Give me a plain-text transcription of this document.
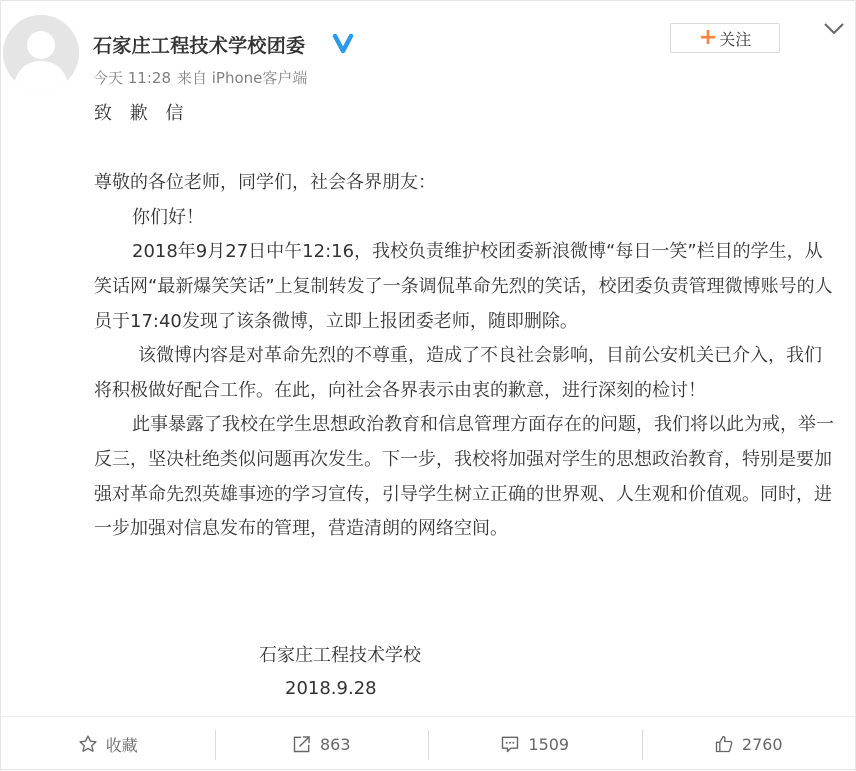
石家庄工程技术学校团委
今天 11:28 来自 iPhone客户端
+ 关注

致 歉 信

尊敬的各位老师，同学们，社会各界朋友：

你们好！

2018年9月27日中午12:16，我校负责维护校团委新浪微博“每日一笑”栏目的学生，从笑话网“最新爆笑笑话”上复制转发了一条调侃革命先烈的笑话，校团委负责管理微博账号的人员于17:40发现了该条微博，立即上报团委老师，随即删除。

该微博内容是对革命先烈的不尊重，造成了不良社会影响，目前公安机关已介入，我们将积极做好配合工作。在此，向社会各界表示由衷的歉意，进行深刻的检讨！

此事暴露了我校在学生思想政治教育和信息管理方面存在的问题，我们将以此为戒，举一反三，坚决杜绝类似问题再次发生。下一步，我校将加强对学生的思想政治教育，特别是要加强对革命先烈英雄事迹的学习宣传，引导学生树立正确的世界观、人生观和价值观。同时，进一步加强对信息发布的管理，营造清朗的网络空间。

石家庄工程技术学校
2018.9.28
收藏	863	1509	2760
